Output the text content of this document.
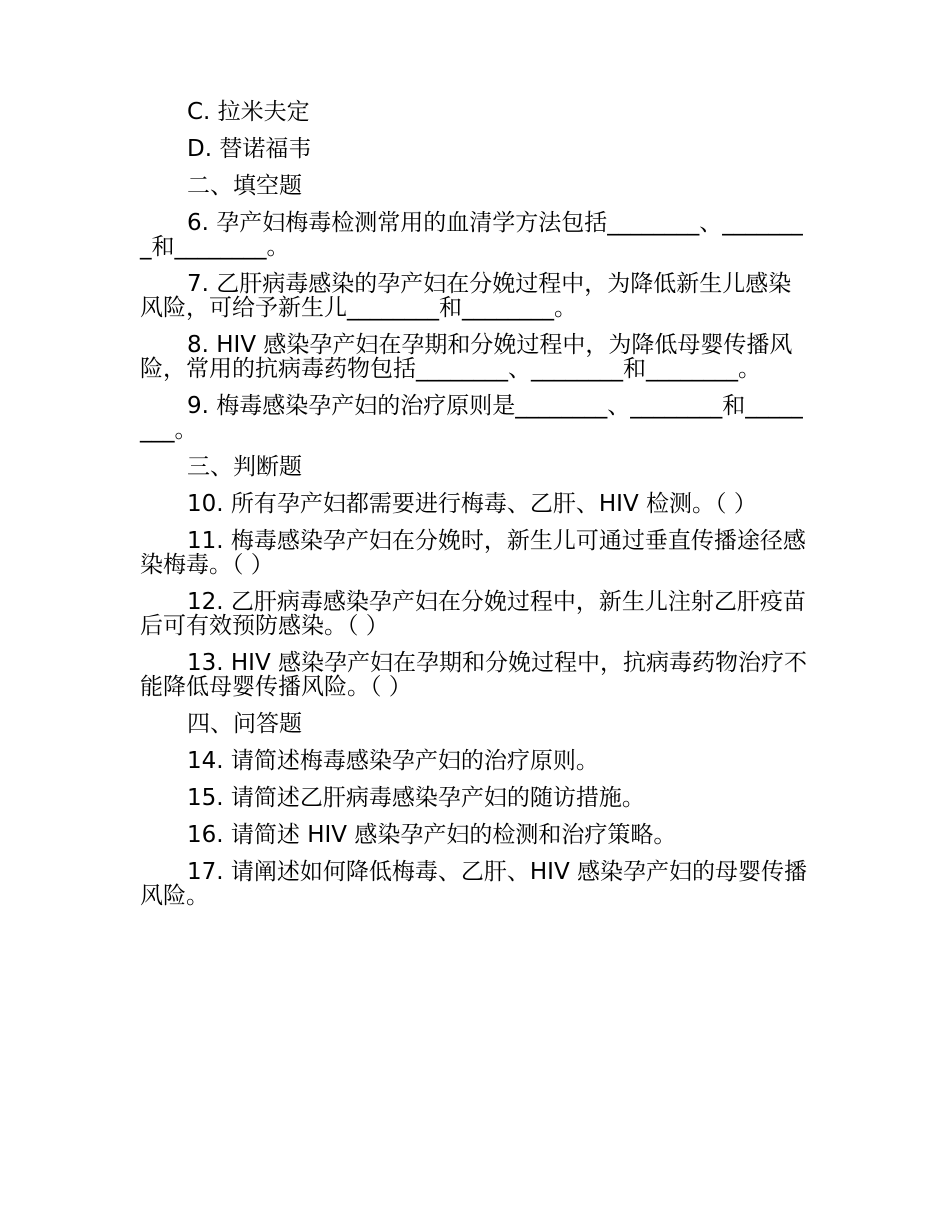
C. 拉米夫定

D. 替诺福韦

二、填空题

6. 孕产妇梅毒检测常用的血清学方法包括________、________和________。

7. 乙肝病毒感染的孕产妇在分娩过程中，为降低新生儿感染风险，可给予新生儿________和________。

8. HIV 感染孕产妇在孕期和分娩过程中，为降低母婴传播风险，常用的抗病毒药物包括________、________和________。

9. 梅毒感染孕产妇的治疗原则是________、________和________。

三、判断题

10. 所有孕产妇都需要进行梅毒、乙肝、HIV 检测。（ ）

11. 梅毒感染孕产妇在分娩时，新生儿可通过垂直传播途径感染梅毒。（ ）

12. 乙肝病毒感染孕产妇在分娩过程中，新生儿注射乙肝疫苗后可有效预防感染。（ ）

13. HIV 感染孕产妇在孕期和分娩过程中，抗病毒药物治疗不能降低母婴传播风险。（ ）

四、问答题

14. 请简述梅毒感染孕产妇的治疗原则。

15. 请简述乙肝病毒感染孕产妇的随访措施。

16. 请简述 HIV 感染孕产妇的检测和治疗策略。

17. 请阐述如何降低梅毒、乙肝、HIV 感染孕产妇的母婴传播风险。
